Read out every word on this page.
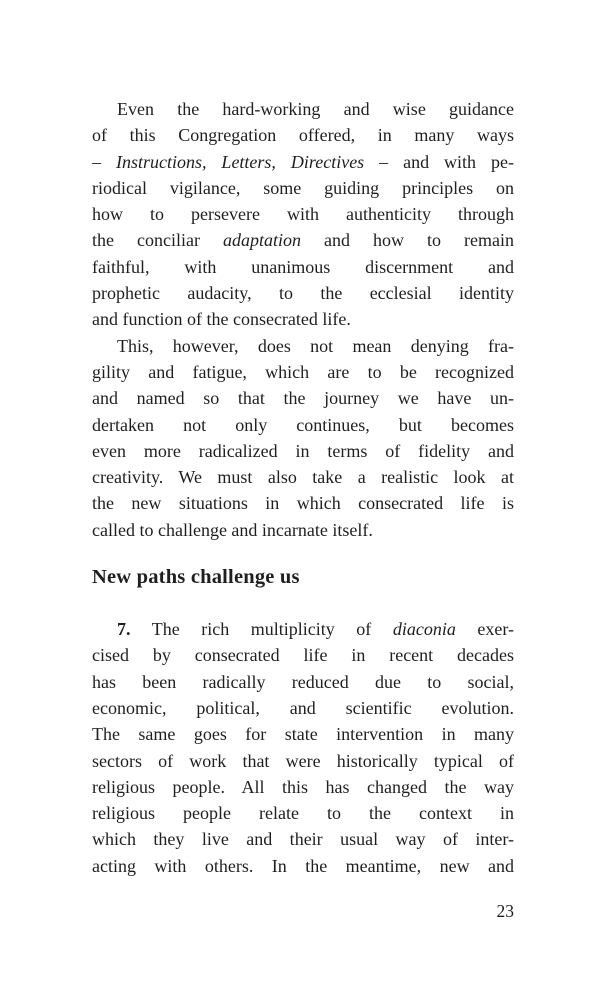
Even the hard-working and wise guidance
of this Congregation offered, in many ways
– Instructions, Letters, Directives – and with pe-
riodical vigilance, some guiding principles on
how to persevere with authenticity through
the conciliar adaptation and how to remain
faithful, with unanimous discernment and
prophetic audacity, to the ecclesial identity
and function of the consecrated life.
This, however, does not mean denying fra-
gility and fatigue, which are to be recognized
and named so that the journey we have un-
dertaken not only continues, but becomes
even more radicalized in terms of fidelity and
creativity. We must also take a realistic look at
the new situations in which consecrated life is
called to challenge and incarnate itself.
New paths challenge us
7. The rich multiplicity of diaconia exer-
cised by consecrated life in recent decades
has been radically reduced due to social,
economic, political, and scientific evolution.
The same goes for state intervention in many
sectors of work that were historically typical of
religious people. All this has changed the way
religious people relate to the context in
which they live and their usual way of inter-
acting with others. In the meantime, new and
23
